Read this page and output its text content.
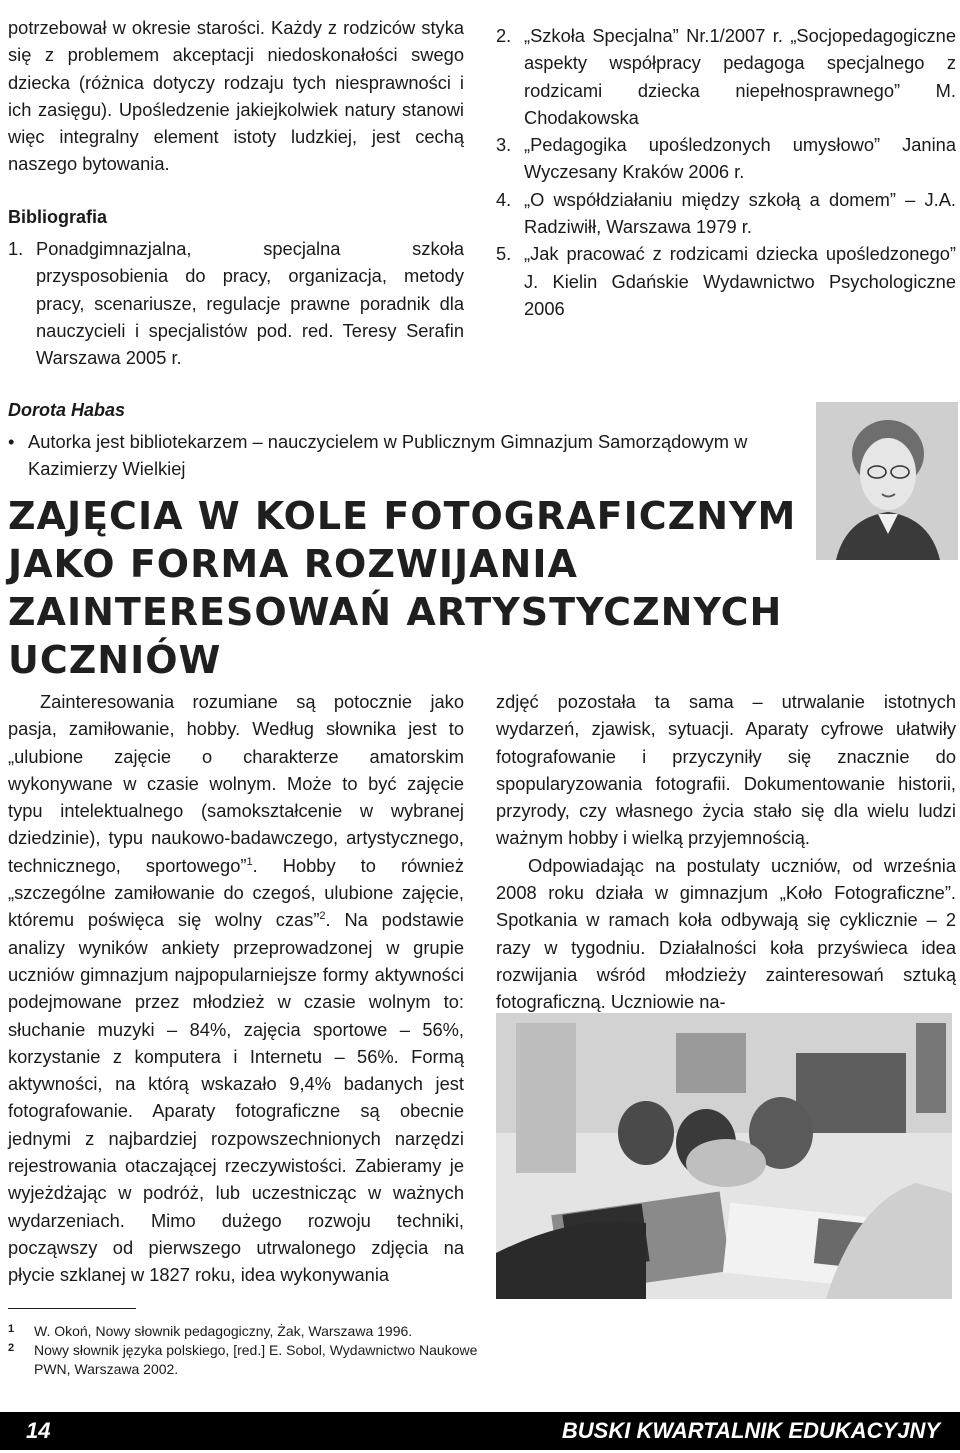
potrzebował w okresie starości. Każdy z rodziców styka się z problemem akceptacji niedoskonałości swego dziecka (różnica dotyczy rodzaju tych niesprawności i ich zasięgu). Upośledzenie jakiejkolwiek natury stanowi więc integralny element istoty ludzkiej, jest cechą naszego bytowania.

Bibliografia
1. Ponadgimnazjalna, specjalna szkoła przysposobienia do pracy, organizacja, metody pracy, scenariusze, regulacje prawne poradnik dla nauczycieli i specjalistów pod. red. Teresy Serafin Warszawa 2005 r.
2. „Szkoła Specjalna” Nr.1/2007 r. „Socjopedagogiczne aspekty współpracy pedagoga specjalnego z rodzicami dziecka niepełnosprawnego” M. Chodakowska
3. „Pedagogika upośledzonych umysłowo” Janina Wyczesany Kraków 2006 r.
4. „O współdziałaniu między szkołą a domem” – J.A. Radziwiłł, Warszawa 1979 r.
5. „Jak pracować z rodzicami dziecka upośledzonego” J. Kielin Gdańskie Wydawnictwo Psychologiczne 2006
Dorota Habas
• Autorka jest bibliotekarzem – nauczycielem w Publicznym Gimnazjum Samorządowym w Kazimierzy Wielkiej
ZAJĘCIA W KOLE FOTOGRAFICZNYM JAKO FORMA ROZWIJANIA ZAINTERESOWAŃ ARTYSTYCZNYCH UCZNIÓW

Zainteresowania rozumiane są potocznie jako pasja, zamiłowanie, hobby. Według słownika jest to „ulubione zajęcie o charakterze amatorskim wykonywane w czasie wolnym. Może to być zajęcie typu intelektualnego (samokształcenie w wybranej dziedzinie), typu naukowo-badawczego, artystycznego, technicznego, sportowego”$^1$. Hobby to również „szczególne zamiłowanie do czegoś, ulubione zajęcie, któremu poświęca się wolny czas”$^2$. Na podstawie analizy wyników ankiety przeprowadzonej w grupie uczniów gimnazjum najpopularniejsze formy aktywności podejmowane przez młodzież w czasie wolnym to: słuchanie muzyki – 84%, zajęcia sportowe – 56%, korzystanie z komputera i Internetu – 56%. Formą aktywności, na którą wskazało 9,4% badanych jest fotografowanie. Aparaty fotograficzne są obecnie jednymi z najbardziej rozpowszechnionych narzędzi rejestrowania otaczającej rzeczywistości. Zabieramy je wyjeżdżając w podróż, lub uczestnicząc w ważnych wydarzeniach. Mimo dużego rozwoju techniki, począwszy od pierwszego utrwalonego zdjęcia na płycie szklanej w 1827 roku, idea wykonywania

zdjęć pozostała ta sama – utrwalanie istotnych wydarzeń, zjawisk, sytuacji. Aparaty cyfrowe ułatwiły fotografowanie i przyczyniły się znacznie do spopularyzowania fotografii. Dokumentowanie historii, przyrody, czy własnego życia stało się dla wielu ludzi ważnym hobby i wielką przyjemnością.

Odpowiadając na postulaty uczniów, od września 2008 roku działa w gimnazjum „Koło Fotograficzne”. Spotkania w ramach koła odbywają się cyklicznie – 2 razy w tygodniu. Działalności koła przyświeca idea rozwijania wśród młodzieży zainteresowań sztuką fotograficzną. Uczniowie na-

1	W. Okoń, Nowy słownik pedagogiczny, Żak, Warszawa 1996.
2	Nowy słownik języka polskiego, [red.] E. Sobol, Wydawnictwo Naukowe PWN, Warszawa 2002.
14	BUSKI KWARTALNIK EDUKACYJNY
